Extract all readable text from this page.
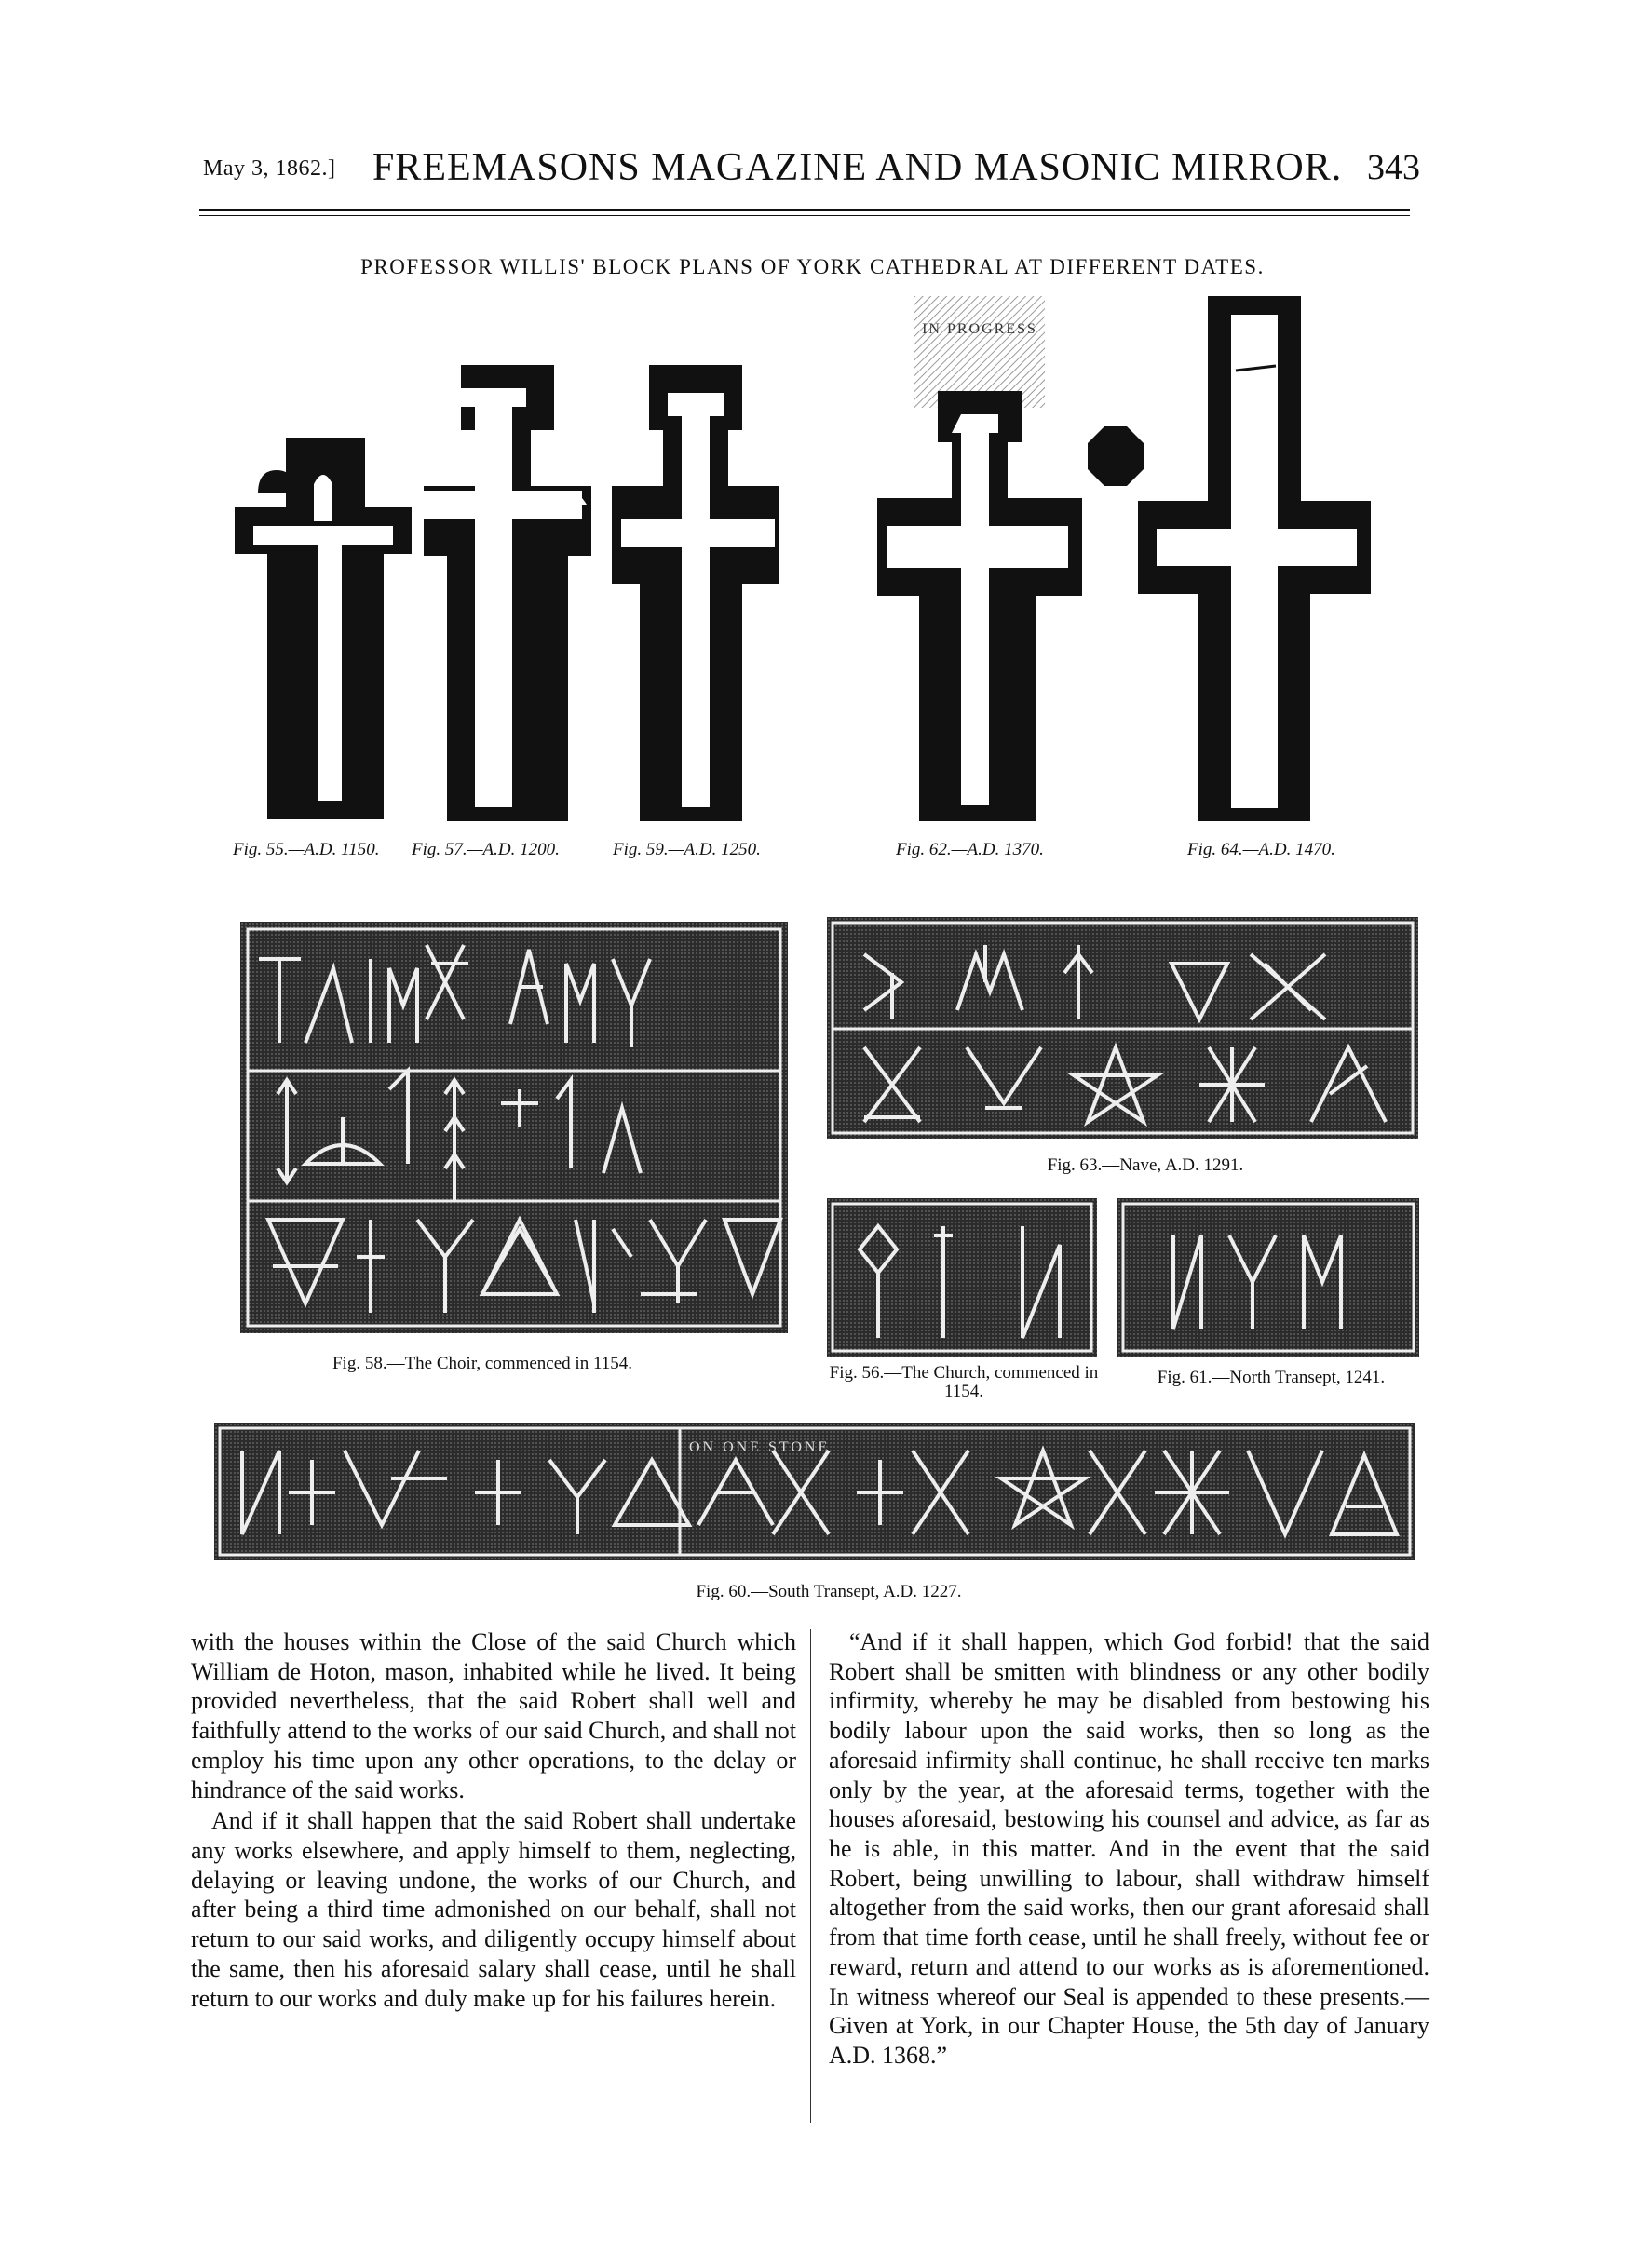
May 3, 1862.] FREEMASONS MAGAZINE AND MASONIC MIRROR. 343
PROFESSOR WILLIS' BLOCK PLANS OF YORK CATHEDRAL AT DIFFERENT DATES.
IN PROGRESS
Fig. 55.—A.D. 1150. Fig. 57.—A.D. 1200.	Fig. 59.—A.D. 1250.	Fig. 62.—A.D. 1370.	Fig. 64.—A.D. 1470.
Fig. 58.—The Choir, commenced in 1154.
Fig. 63.—Nave, A.D. 1291.
Fig. 56.—The Church, commenced in 1154.
Fig. 61.—North Transept, 1241.
ON ONE STONE
Fig. 60.—South Transept, A.D. 1227.

with the houses within the Close of the said Church which William de Hoton, mason, inhabited while he lived. It being provided nevertheless, that the said Robert shall well and faithfully attend to the works of our said Church, and shall not employ his time upon any other operations, to the delay or hindrance of the said works.

And if it shall happen that the said Robert shall undertake any works elsewhere, and apply himself to them, neglecting, delaying or leaving undone, the works of our Church, and after being a third time admonished on our behalf, shall not return to our said works, and diligently occupy himself about the same, then his aforesaid salary shall cease, until he shall return to our works and duly make up for his failures herein.

“And if it shall happen, which God forbid! that the said Robert shall be smitten with blindness or any other bodily infirmity, whereby he may be disabled from bestowing his bodily labour upon the said works, then so long as the aforesaid infirmity shall continue, he shall receive ten marks only by the year, at the aforesaid terms, together with the houses aforesaid, bestowing his counsel and advice, as far as he is able, in this matter. And in the event that the said Robert, being unwilling to labour, shall withdraw himself altogether from the said works, then our grant aforesaid shall from that time forth cease, until he shall freely, without fee or reward, return and attend to our works as is aforementioned. In witness whereof our Seal is appended to these presents.—Given at York, in our Chapter House, the 5th day of January A.D. 1368.”
